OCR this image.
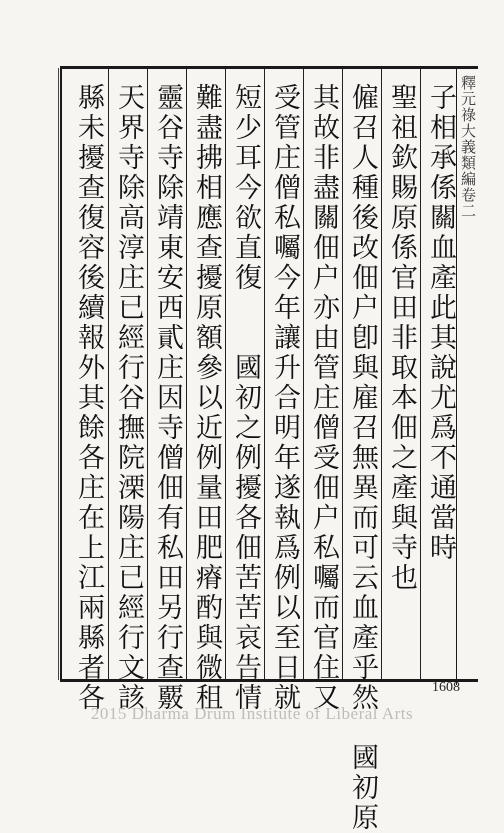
釋元祿大義類編卷二
子相承係關血產此其說尤爲不通當時
聖祖欽賜原係官田非取本佃之產與寺也
僱召人種後改佃户卽與雇召無異而可云血產乎然　國初原
其故非盡關佃户亦由管庄僧受佃户私囑而官住又
受管庄僧私囑今年讓升合明年遂執爲例以至日就
短少耳今欲直復　　國初之例擾各佃苦苦哀告情
難盡拂相應查擾原額參以近例量田肥瘠酌與微租
靈谷寺除靖東安西貳庄因寺僧佃有私田另行查覈
天界寺除高淳庄已經行谷撫院溧陽庄已經行文該
縣未擾查復容後續報外其餘各庄在上江兩縣者各	1608
2015 Dharma Drum Institute of Liberal Arts
